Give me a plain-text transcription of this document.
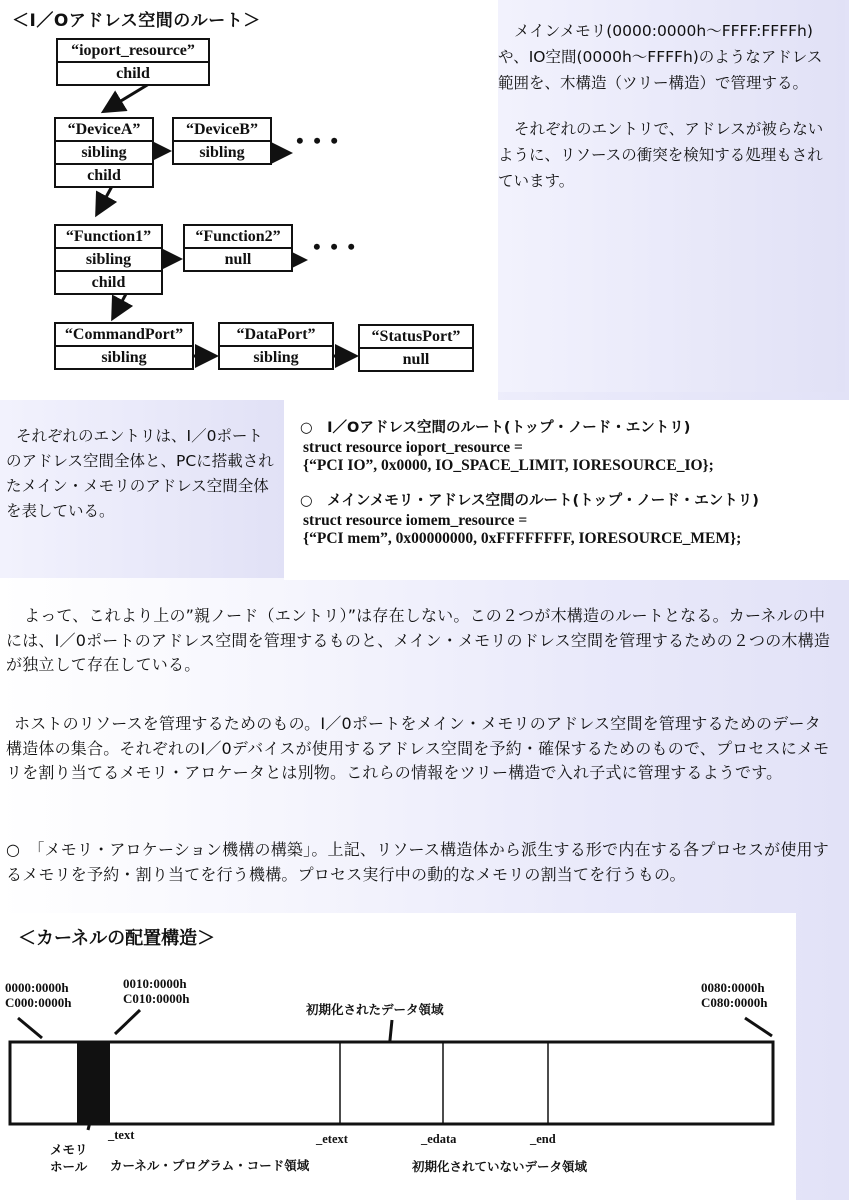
＜I／Oアドレス空間のルート＞
“ioport_resource”
child
“DeviceA”
sibling
child
“DeviceB”
sibling	• • •
“Function1”
sibling
child
“Function2”
null
• • •
“CommandPort”
sibling
“DataPort”
sibling
“StatusPort”
null

メインメモリ(0000:0000h〜FFFF:FFFFh)や、IO空間(0000h〜FFFFh)のようなアドレス範囲を、木構造（ツリー構造）で管理する。

それぞれのエントリで、アドレスが被らないように、リソースの衝突を検知する処理もされています。

それぞれのエントリは、I／0ポートのアドレス空間全体と、PCに搭載されたメイン・メモリのアドレス空間全体を表している。

○　I／Oアドレス空間のルート(トップ・ノード・エントリ)
struct resource ioport_resource =
{“PCI IO”, 0x0000, IO_SPACE_LIMIT, IORESOURCE_IO};
○　メインメモリ・アドレス空間のルート(トップ・ノード・エントリ)
struct resource iomem_resource =
{“PCI mem”, 0x00000000, 0xFFFFFFFF, IORESOURCE_MEM};
よって、これより上の”親ノード（エントリ）”は存在しない。この２つが木構造のルートとなる。カーネルの中には、I／0ポートのアドレス空間を管理するものと、メイン・メモリのドレス空間を管理するための２つの木構造が独立して存在している。
ホストのリソースを管理するためのもの。I／0ポートをメイン・メモリのアドレス空間を管理するためのデータ構造体の集合。それぞれのI／0デバイスが使用するアドレス空間を予約・確保するためのもので、プロセスにメモリを割り当てるメモリ・アロケータとは別物。これらの情報をツリー構造で入れ子式に管理するようです。
○　「メモリ・アロケーション機構の構築」。上記、リソース構造体から派生する形で内在する各プロセスが使用するメモリを予約・割り当てを行う機構。プロセス実行中の動的なメモリの割当てを行うもの。
＜カーネルの配置構造＞
0000:0000h
C000:0000h
0010:0000h
C010:0000h
0080:0000h
C080:0000h
初期化されたデータ領域
メモリ
ホール
_text
カーネル・プログラム・コード領域
_etext	_edata	_end
初期化されていないデータ領域
